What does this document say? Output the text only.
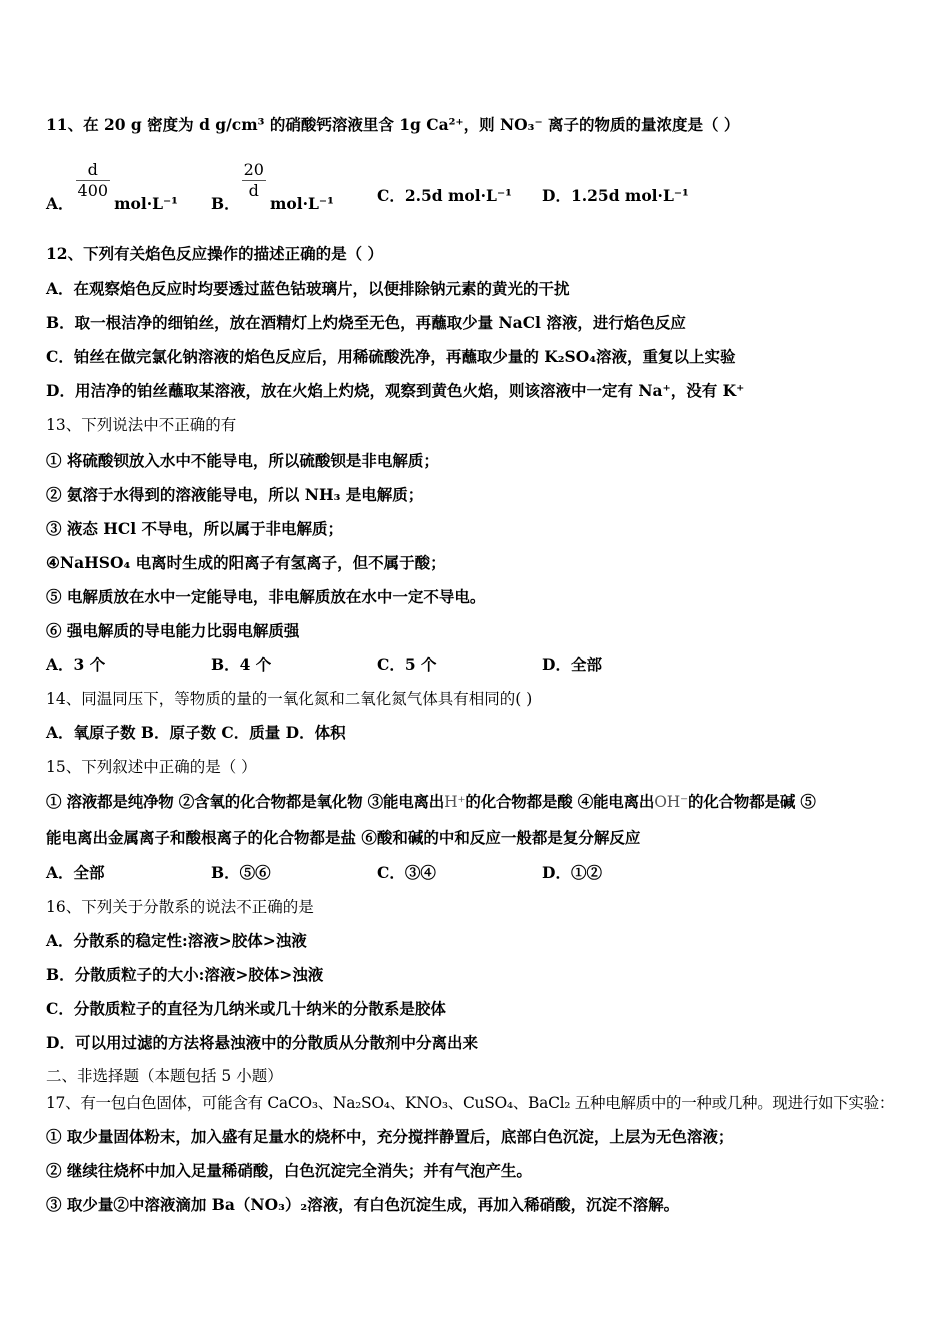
11、在 20 g 密度为 d g/cm³ 的硝酸钙溶液里含 1g Ca²⁺，则 NO₃⁻ 离子的物质的量浓度是（ ）
A．
$\frac{d}{400}$
mol·L⁻¹ B．
$\frac{20}{d}$
mol·L⁻¹	C．2.5d mol·L⁻¹ D．1.25d mol·L⁻¹
12、下列有关焰色反应操作的描述正确的是（ ）
A．在观察焰色反应时均要透过蓝色钴玻璃片，以便排除钠元素的黄光的干扰
B．取一根洁净的细铂丝，放在酒精灯上灼烧至无色，再蘸取少量 NaCl 溶液，进行焰色反应
C．铂丝在做完氯化钠溶液的焰色反应后，用稀硫酸洗净，再蘸取少量的 K₂SO₄溶液，重复以上实验
D．用洁净的铂丝蘸取某溶液，放在火焰上灼烧，观察到黄色火焰，则该溶液中一定有 Na⁺，没有 K⁺
13、下列说法中不正确的有
① 将硫酸钡放入水中不能导电，所以硫酸钡是非电解质；
② 氨溶于水得到的溶液能导电，所以 NH₃ 是电解质；
③ 液态 HCl 不导电，所以属于非电解质；
④NaHSO₄ 电离时生成的阳离子有氢离子，但不属于酸；
⑤ 电解质放在水中一定能导电，非电解质放在水中一定不导电。
⑥ 强电解质的导电能力比弱电解质强
A．3 个	B．4 个	C．5 个	D．全部
14、同温同压下，等物质的量的一氧化氮和二氧化氮气体具有相同的( )
A．氧原子数 B．原子数 C．质量 D．体积
15、下列叙述中正确的是（ ）
① 溶液都是纯净物 ②含氧的化合物都是氧化物 ③能电离出H⁺的化合物都是酸 ④能电离出OH⁻的化合物都是碱 ⑤
能电离出金属离子和酸根离子的化合物都是盐 ⑥酸和碱的中和反应一般都是复分解反应
A．全部	B．⑤⑥	C．③④	D．①②
16、下列关于分散系的说法不正确的是
A．分散系的稳定性:溶液>胶体>浊液
B．分散质粒子的大小:溶液>胶体>浊液
C．分散质粒子的直径为几纳米或几十纳米的分散系是胶体
D．可以用过滤的方法将悬浊液中的分散质从分散剂中分离出来
二、非选择题（本题包括 5 小题）
17、有一包白色固体，可能含有 CaCO₃、Na₂SO₄、KNO₃、CuSO₄、BaCl₂ 五种电解质中的一种或几种。现进行如下实验：
① 取少量固体粉末，加入盛有足量水的烧杯中，充分搅拌静置后，底部白色沉淀，上层为无色溶液；
② 继续往烧杯中加入足量稀硝酸，白色沉淀完全消失；并有气泡产生。
③ 取少量②中溶液滴加 Ba（NO₃）₂溶液，有白色沉淀生成，再加入稀硝酸，沉淀不溶解。
